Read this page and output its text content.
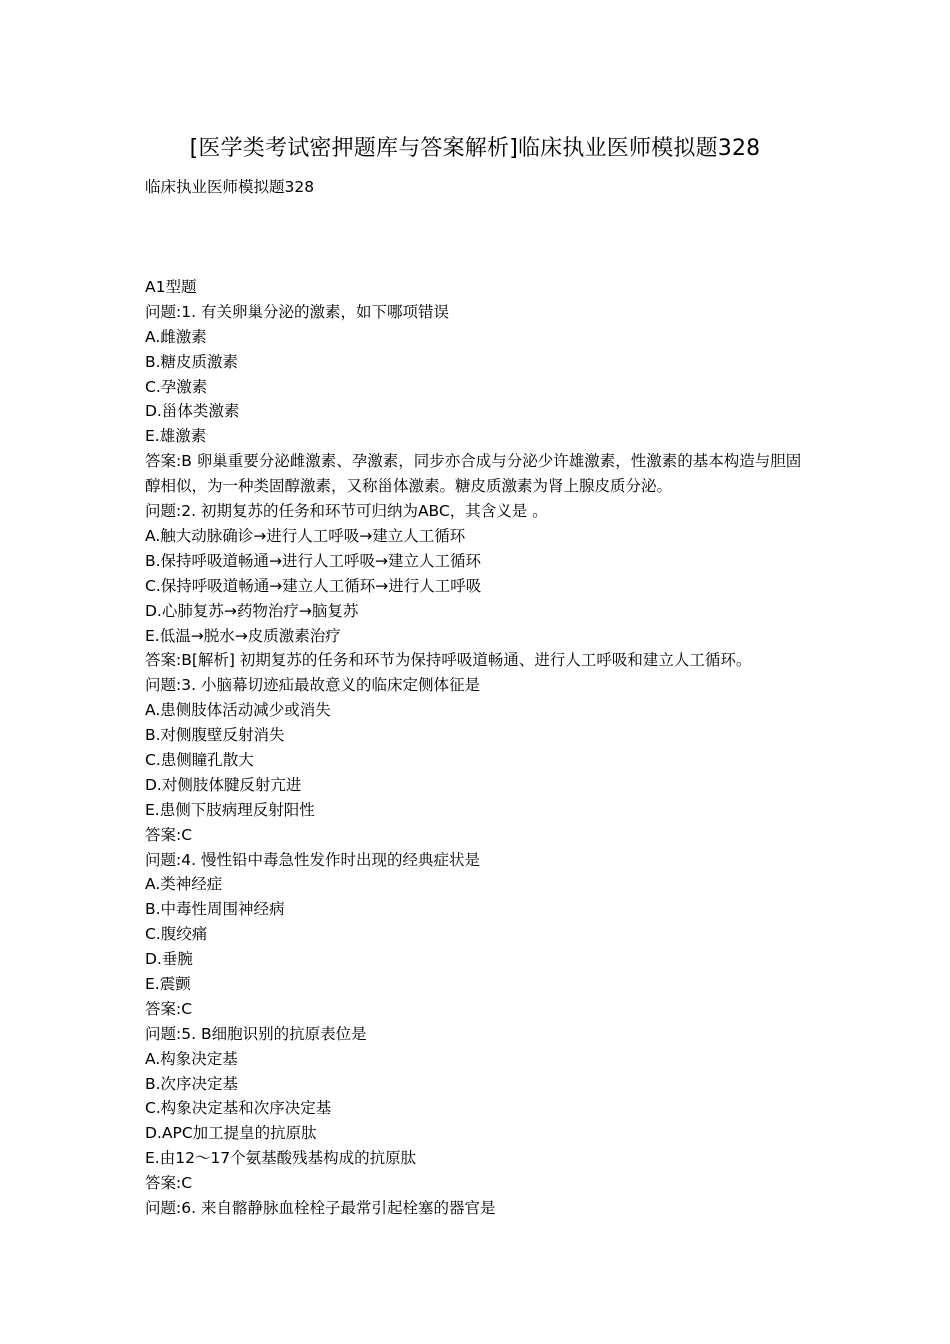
[医学类考试密押题库与答案解析]临床执业医师模拟题328
临床执业医师模拟题328
A1型题
问题:1. 有关卵巢分泌的激素，如下哪项错误
A.雌激素
B.糖皮质激素
C.孕激素
D.甾体类激素
E.雄激素
答案:B 卵巢重要分泌雌激素、孕激素，同步亦合成与分泌少许雄激素，性激素的基本构造与胆固醇相似，为一种类固醇激素，又称甾体激素。糖皮质激素为肾上腺皮质分泌。
问题:2. 初期复苏的任务和环节可归纳为ABC，其含义是 。
A.触大动脉确诊→进行人工呼吸→建立人工循环
B.保持呼吸道畅通→进行人工呼吸→建立人工循环
C.保持呼吸道畅通→建立人工循环→进行人工呼吸
D.心肺复苏→药物治疗→脑复苏
E.低温→脱水→皮质激素治疗
答案:B[解析] 初期复苏的任务和环节为保持呼吸道畅通、进行人工呼吸和建立人工循环。
问题:3. 小脑幕切迹疝最故意义的临床定侧体征是
A.患侧肢体活动减少或消失
B.对侧腹壁反射消失
C.患侧瞳孔散大
D.对侧肢体腱反射亢进
E.患侧下肢病理反射阳性
答案:C
问题:4. 慢性铅中毒急性发作时出现的经典症状是
A.类神经症
B.中毒性周围神经病
C.腹绞痛
D.垂腕
E.震颤
答案:C
问题:5. B细胞识别的抗原表位是
A.构象决定基
B.次序决定基
C.构象决定基和次序决定基
D.APC加工提皇的抗原肽
E.由12～17个氨基酸残基构成的抗原肽
答案:C
问题:6. 来自髂静脉血栓栓子最常引起栓塞的器官是
